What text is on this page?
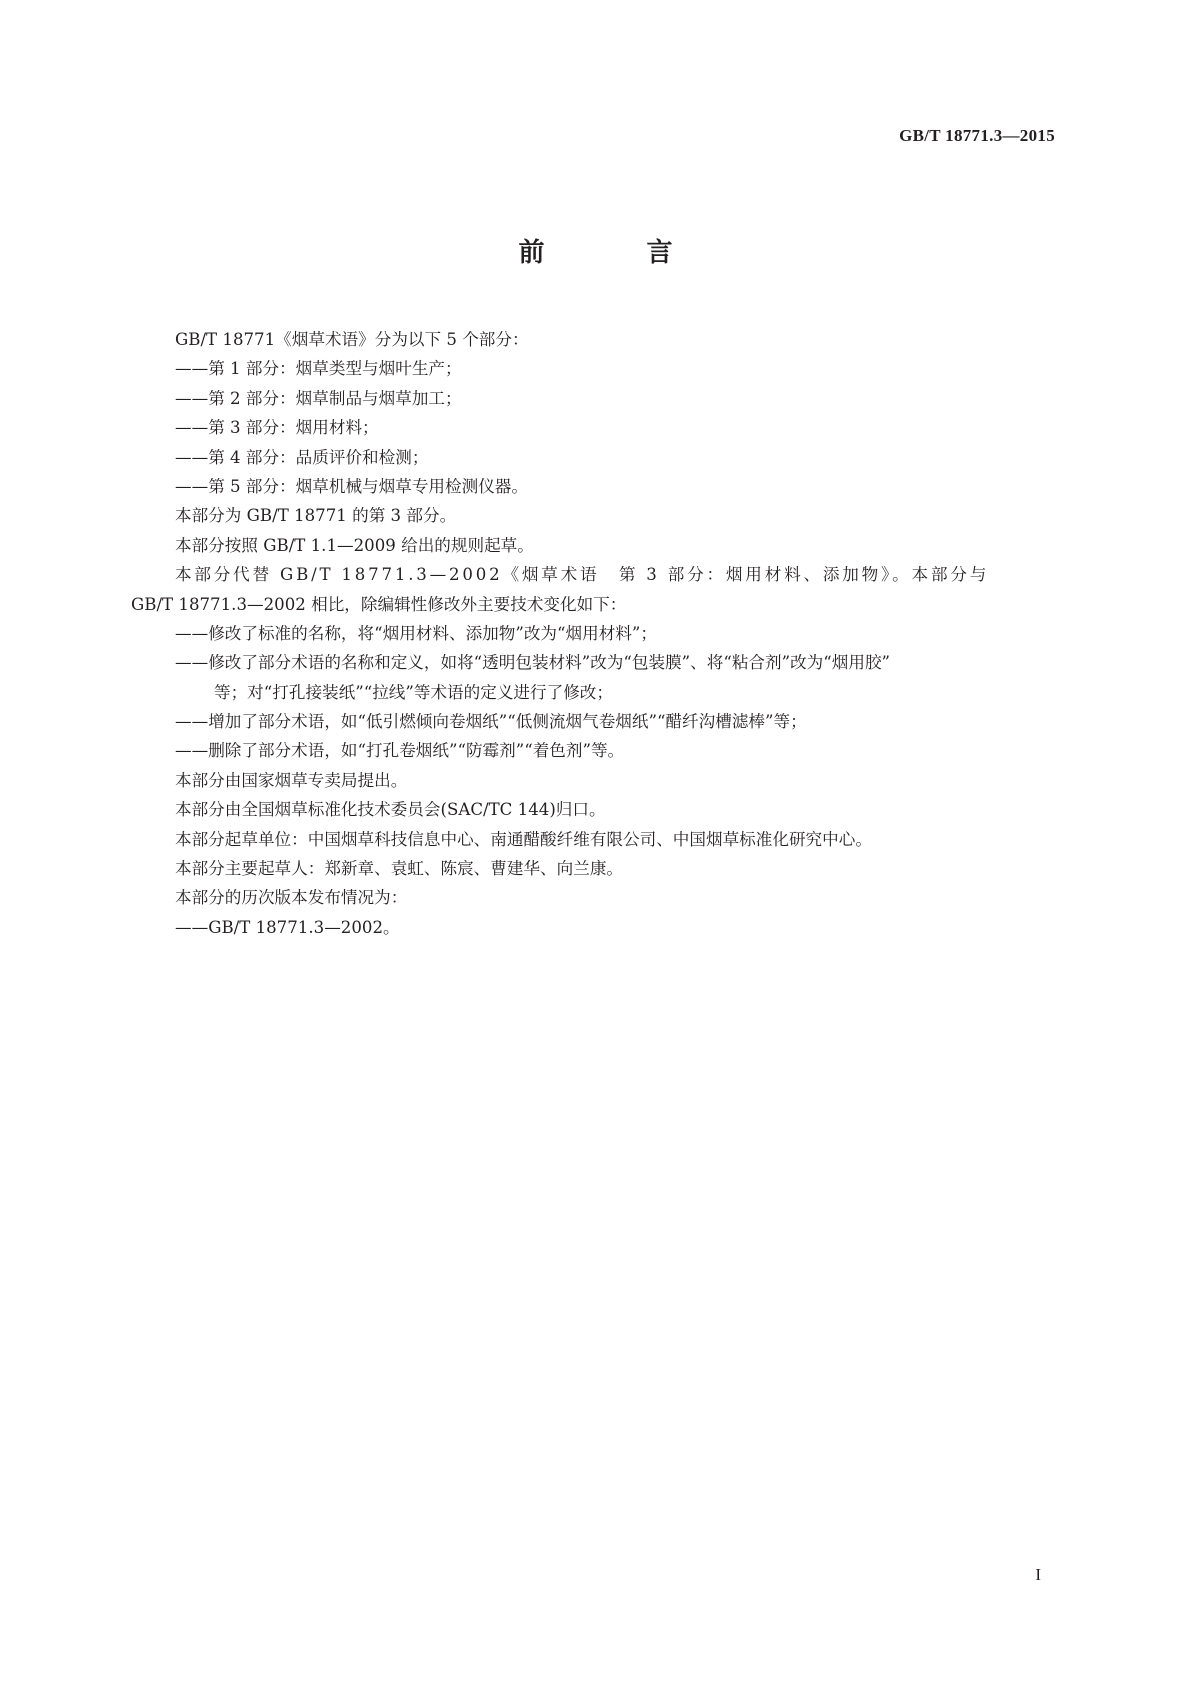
GB/T 18771.3—2015
前　言
GB/T 18771《烟草术语》分为以下 5 个部分：
——第 1 部分：烟草类型与烟叶生产；
——第 2 部分：烟草制品与烟草加工；
——第 3 部分：烟用材料；
——第 4 部分：品质评价和检测；
——第 5 部分：烟草机械与烟草专用检测仪器。
本部分为 GB/T 18771 的第 3 部分。
本部分按照 GB/T 1.1—2009 给出的规则起草。
本部分代替 GB/T 18771.3—2002《烟草术语　第 3 部分：烟用材料、添加物》。本部分与
GB/T 18771.3—2002 相比，除编辑性修改外主要技术变化如下：
——修改了标准的名称，将“烟用材料、添加物”改为“烟用材料”；
——修改了部分术语的名称和定义，如将“透明包装材料”改为“包装膜”、将“粘合剂”改为“烟用胶”
等；对“打孔接装纸”“拉线”等术语的定义进行了修改；
——增加了部分术语，如“低引燃倾向卷烟纸”“低侧流烟气卷烟纸”“醋纤沟槽滤棒”等；
——删除了部分术语，如“打孔卷烟纸”“防霉剂”“着色剂”等。
本部分由国家烟草专卖局提出。
本部分由全国烟草标准化技术委员会(SAC/TC 144)归口。
本部分起草单位：中国烟草科技信息中心、南通醋酸纤维有限公司、中国烟草标准化研究中心。
本部分主要起草人：郑新章、袁虹、陈宸、曹建华、向兰康。
本部分的历次版本发布情况为：
——GB/T 18771.3—2002。
I
